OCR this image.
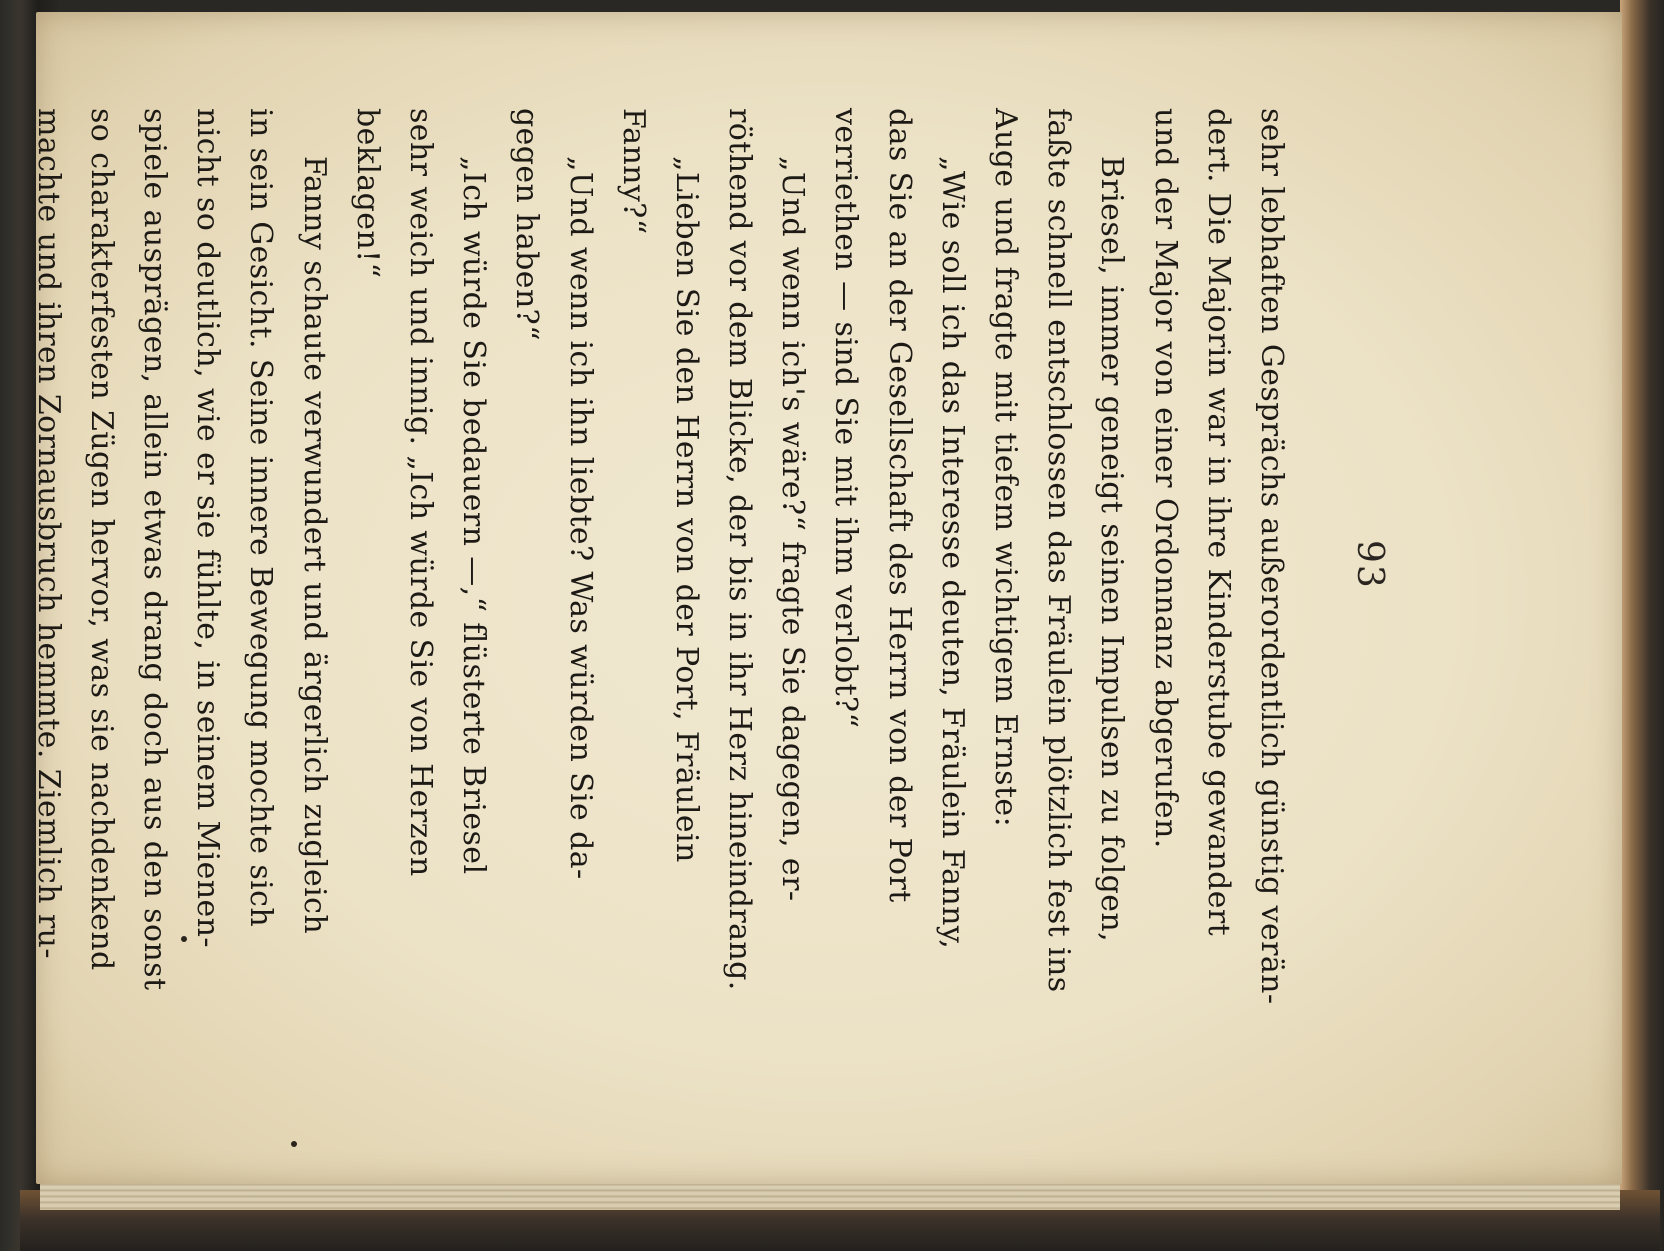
93
sehr lebhaften Gesprächs außerordentlich günstig verän-
dert. Die Majorin war in ihre Kinderstube gewandert
und der Major von einer Ordonnanz abgerufen.
Briesel, immer geneigt seinen Impulsen zu folgen,
faßte schnell entschlossen das Fräulein plötzlich fest ins
Auge und fragte mit tiefem wichtigem Ernste:
„Wie soll ich das Interesse deuten, Fräulein Fanny,
das Sie an der Gesellschaft des Herrn von der Port
verriethen — sind Sie mit ihm verlobt?“
„Und wenn ich's wäre?“ fragte Sie dagegen, er-
röthend vor dem Blicke, der bis in ihr Herz hineindrang.
„Lieben Sie den Herrn von der Port, Fräulein
Fanny?“
„Und wenn ich ihn liebte? Was würden Sie da-
gegen haben?“
„Ich würde Sie bedauern —,“ flüsterte Briesel
sehr weich und innig. „Ich würde Sie von Herzen
beklagen!“
Fanny schaute verwundert und ärgerlich zugleich
in sein Gesicht. Seine innere Bewegung mochte sich
nicht so deutlich, wie er sie fühlte, in seinem Mienen-
spiele ausprägen, allein etwas drang doch aus den sonst
so charakterfesten Zügen hervor, was sie nachdenkend
machte und ihren Zornausbruch hemmte. Ziemlich ru-
